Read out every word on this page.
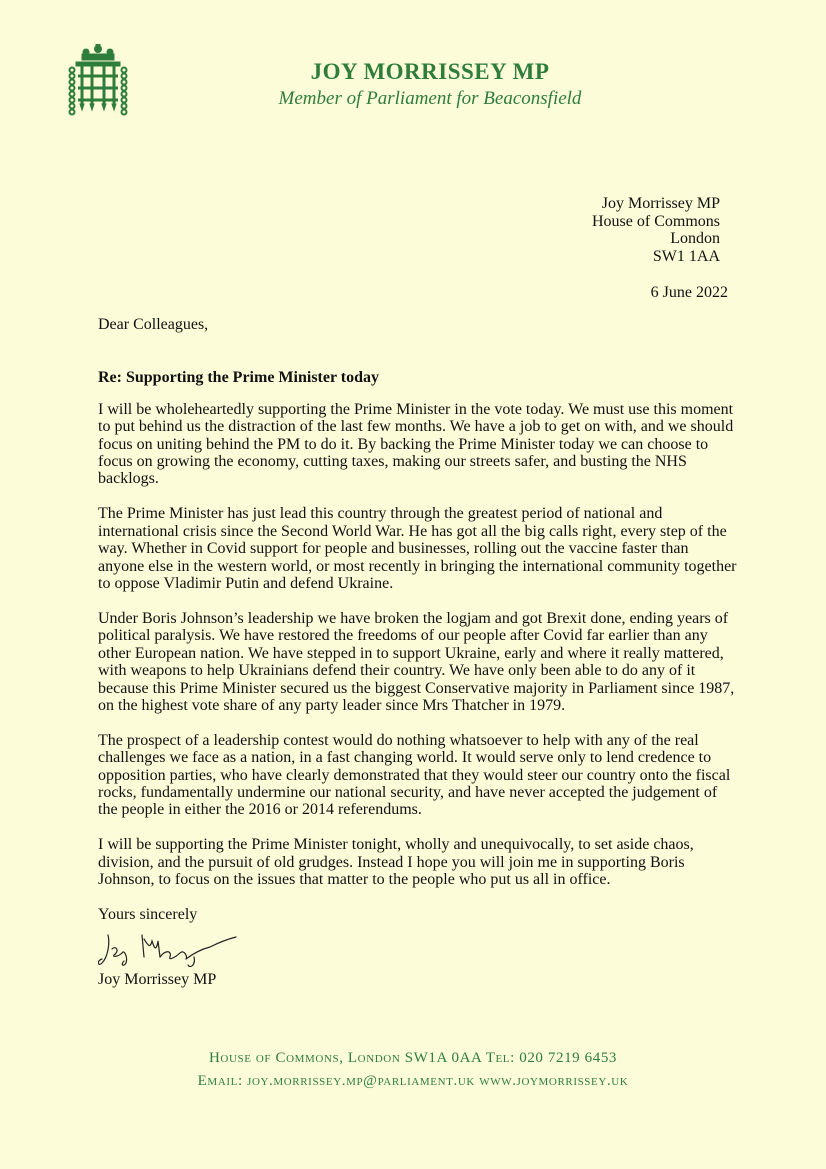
JOY MORRISSEY MP
Member of Parliament for Beaconsfield
Joy Morrissey MP
House of Commons
London
SW1 1AA
6 June 2022

Dear Colleagues,

Re: Supporting the Prime Minister today

I will be wholeheartedly supporting the Prime Minister in the vote today. We must use this moment to put behind us the distraction of the last few months. We have a job to get on with, and we should focus on uniting behind the PM to do it. By backing the Prime Minister today we can choose to focus on growing the economy, cutting taxes, making our streets safer, and busting the NHS backlogs.

The Prime Minister has just lead this country through the greatest period of national and international crisis since the Second World War. He has got all the big calls right, every step of the way. Whether in Covid support for people and businesses, rolling out the vaccine faster than anyone else in the western world, or most recently in bringing the international community together to oppose Vladimir Putin and defend Ukraine.

Under Boris Johnson’s leadership we have broken the logjam and got Brexit done, ending years of political paralysis. We have restored the freedoms of our people after Covid far earlier than any other European nation. We have stepped in to support Ukraine, early and where it really mattered, with weapons to help Ukrainians defend their country. We have only been able to do any of it because this Prime Minister secured us the biggest Conservative majority in Parliament since 1987, on the highest vote share of any party leader since Mrs Thatcher in 1979.

The prospect of a leadership contest would do nothing whatsoever to help with any of the real challenges we face as a nation, in a fast changing world. It would serve only to lend credence to opposition parties, who have clearly demonstrated that they would steer our country onto the fiscal rocks, fundamentally undermine our national security, and have never accepted the judgement of the people in either the 2016 or 2014 referendums.

I will be supporting the Prime Minister tonight, wholly and unequivocally, to set aside chaos, division, and the pursuit of old grudges. Instead I hope you will join me in supporting Boris Johnson, to focus on the issues that matter to the people who put us all in office.

Yours sincerely

Joy Morrissey MP

House of Commons, London SW1A 0AA Tel: 020 7219 6453
Email: joy.morrissey.mp@parliament.uk www.joymorrissey.uk
